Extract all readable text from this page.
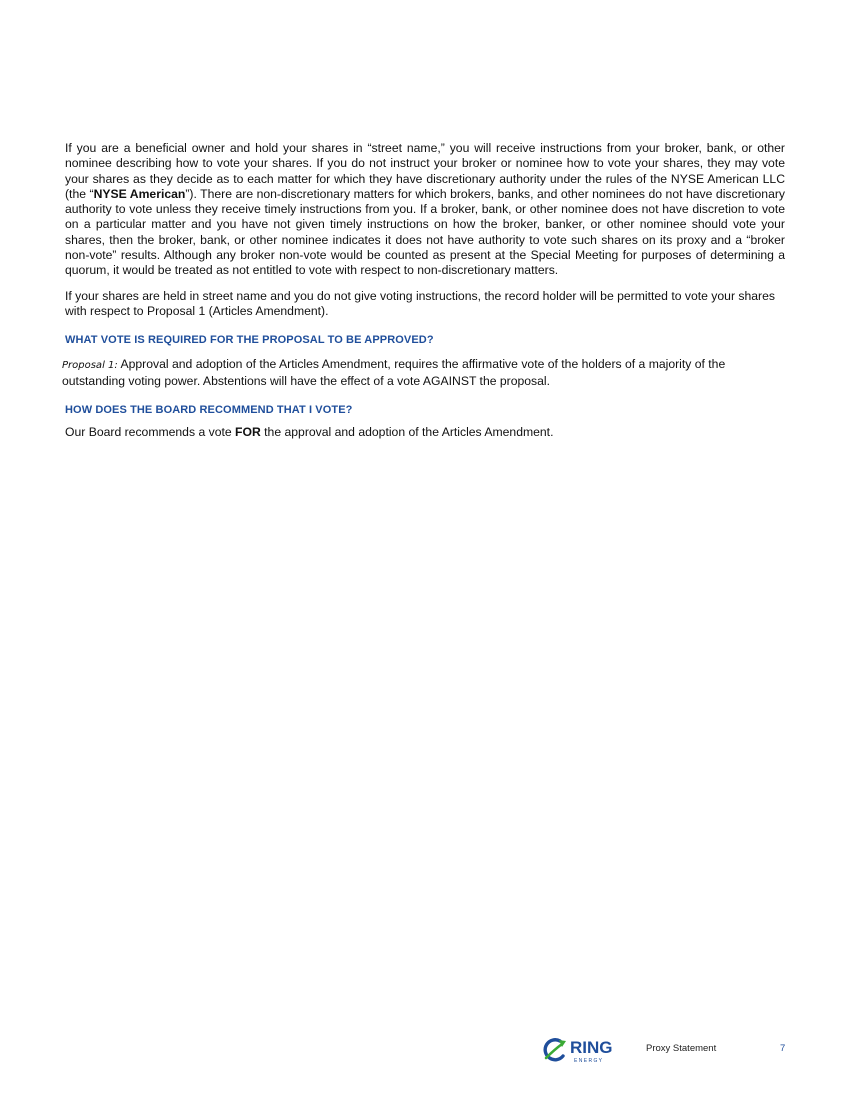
If you are a beneficial owner and hold your shares in “street name,” you will receive instructions from your broker, bank, or other nominee describing how to vote your shares. If you do not instruct your broker or nominee how to vote your shares, they may vote your shares as they decide as to each matter for which they have discretionary authority under the rules of the NYSE American LLC (the “NYSE American”). There are non-discretionary matters for which brokers, banks, and other nominees do not have discretionary authority to vote unless they receive timely instructions from you. If a broker, bank, or other nominee does not have discretion to vote on a particular matter and you have not given timely instructions on how the broker, banker, or other nominee should vote your shares, then the broker, bank, or other nominee indicates it does not have authority to vote such shares on its proxy and a “broker non-vote” results. Although any broker non-vote would be counted as present at the Special Meeting for purposes of determining a quorum, it would be treated as not entitled to vote with respect to non-discretionary matters.

If your shares are held in street name and you do not give voting instructions, the record holder will be permitted to vote your shares with respect to Proposal 1 (Articles Amendment).

WHAT VOTE IS REQUIRED FOR THE PROPOSAL TO BE APPROVED?

Proposal 1: Approval and adoption of the Articles Amendment, requires the affirmative vote of the holders of a majority of the outstanding voting power. Abstentions will have the effect of a vote AGAINST the proposal.

HOW DOES THE BOARD RECOMMEND THAT I VOTE?

Our Board recommends a vote FOR the approval and adoption of the Articles Amendment.

RING
E N E R G Y
Proxy Statement	7
